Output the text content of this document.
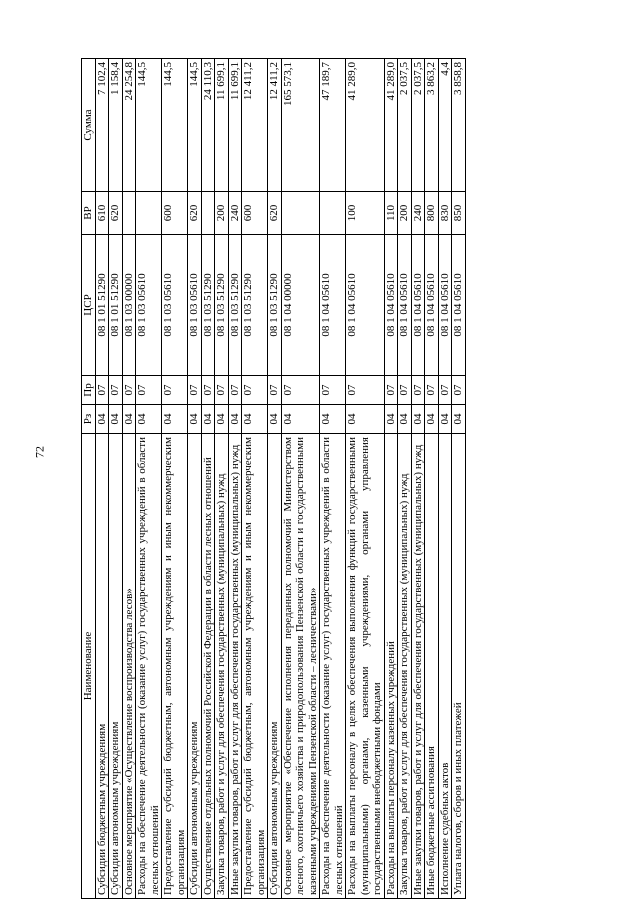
72
Наименование	Рз	Пр	ЦСР	ВР	Сумма
Субсидии бюджетным учреждениям	04	07	08 1 01 51290	610	7 102,4
Субсидии автономным учреждениям	04	07	08 1 01 51290	620	1 158,4
Основное мероприятие «Осуществление воспроизводства лесов»	04	07	08 1 03 00000		24 254,8
Расходы на обеспечение деятельности (оказание услуг) государственных учреждений в области лесных отношений	04	07	08 1 03 05610		144,5
Предоставление субсидий бюджетным, автономным учреждениям и иным некоммерческим организациям	04	07	08 1 03 05610	600	144,5
Субсидии автономным учреждениям	04	07	08 1 03 05610	620	144,5
Осуществление отдельных полномочий Российской Федерации в области лесных отношений	04	07	08 1 03 51290		24 110,3
Закупка товаров, работ и услуг для обеспечения государственных (муниципальных) нужд	04	07	08 1 03 51290	200	11 699,1
Иные закупки товаров, работ и услуг для обеспечения государственных (муниципальных) нужд	04	07	08 1 03 51290	240	11 699,1
Предоставление субсидий бюджетным, автономным учреждениям и иным некоммерческим организациям	04	07	08 1 03 51290	600	12 411,2
Субсидии автономным учреждениям	04	07	08 1 03 51290	620	12 411,2
Основное мероприятие «Обеспечение исполнения переданных полномочий Министерством лесного, охотничьего хозяйства и природопользования Пензенской области и государственными казенными учреждениями Пензенской области – лесничествами»	04	07	08 1 04 00000		165 573,1
Расходы на обеспечение деятельности (оказание услуг) государственных учреждений в области лесных отношений	04	07	08 1 04 05610		47 189,7
Расходы на выплаты персоналу в целях обеспечения выполнения функций государственными (муниципальными) органами, казенными учреждениями, органами управления государственными внебюджетными фондами	04	07	08 1 04 05610	100	41 289,0
Расходы на выплаты персоналу казенных учреждений	04	07	08 1 04 05610	110	41 289,0
Закупка товаров, работ и услуг для обеспечения государственных (муниципальных) нужд	04	07	08 1 04 05610	200	2 037,5
Иные закупки товаров, работ и услуг для обеспечения государственных (муниципальных) нужд	04	07	08 1 04 05610	240	2 037,5
Иные бюджетные ассигнования	04	07	08 1 04 05610	800	3 863,2
Исполнение судебных актов	04	07	08 1 04 05610	830	4,4
Уплата налогов, сборов и иных платежей	04	07	08 1 04 05610	850	3 858,8
